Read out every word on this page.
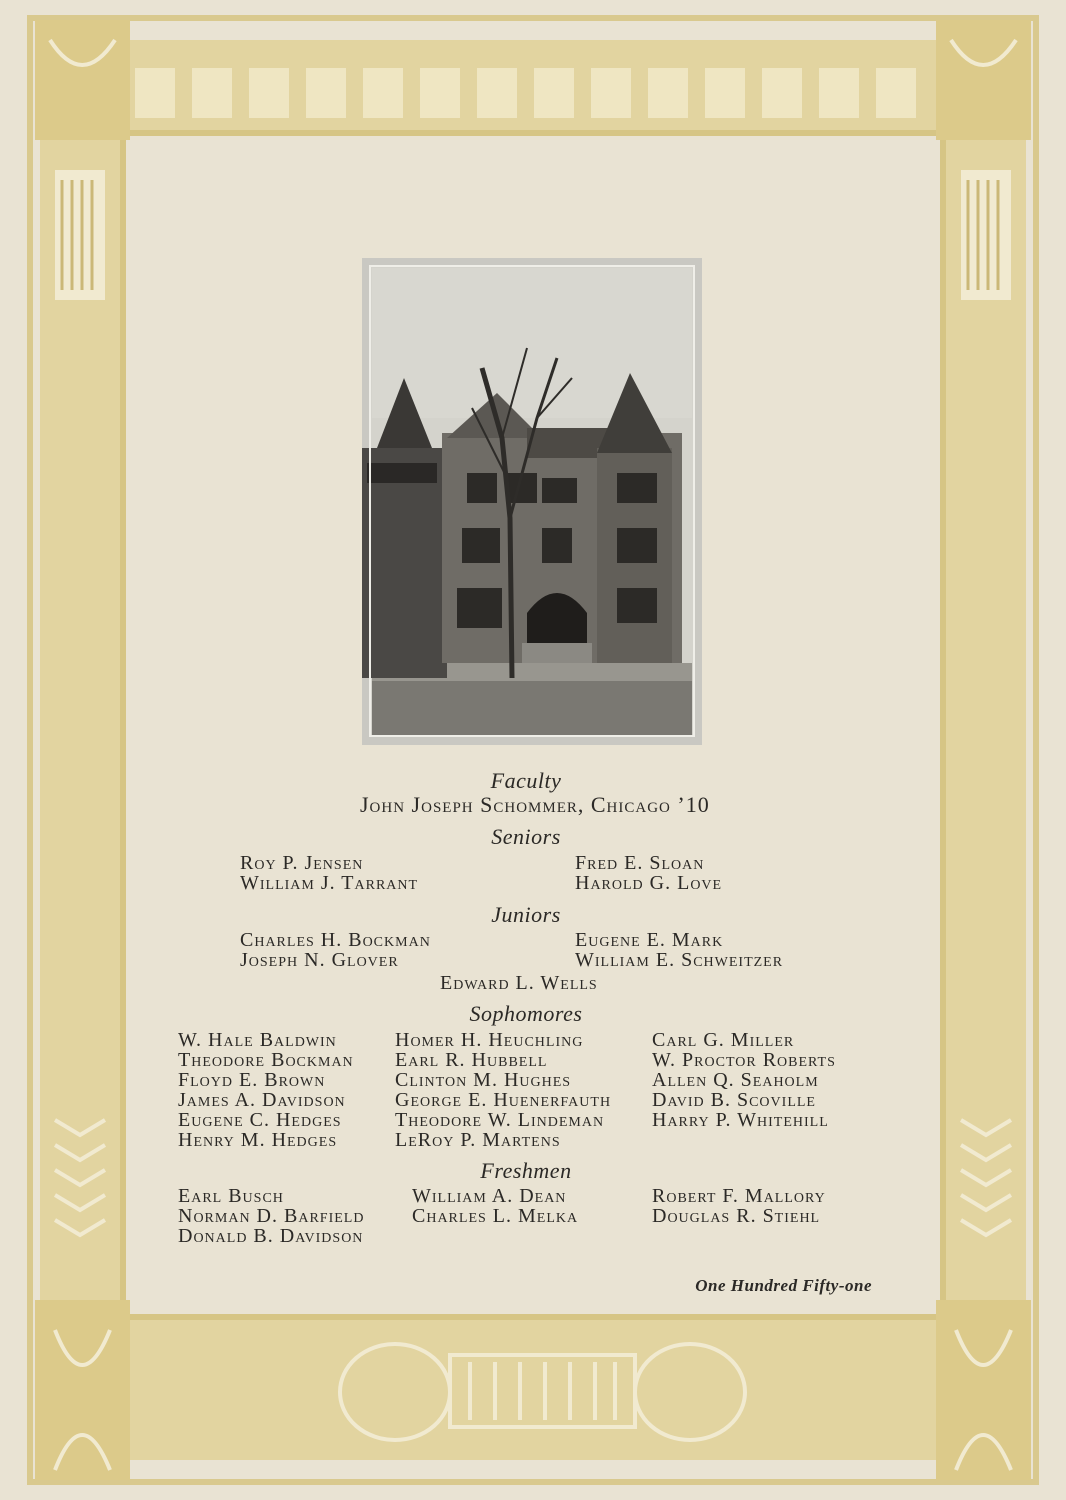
Faculty
John Joseph Schommer, Chicago ’10
Seniors
Roy P. Jensen
William J. Tarrant
Fred E. Sloan
Harold G. Love
Juniors
Charles H. Bockman
Joseph N. Glover
Eugene E. Mark
William E. Schweitzer
Edward L. Wells
Sophomores
W. Hale Baldwin
Theodore Bockman
Floyd E. Brown
James A. Davidson
Eugene C. Hedges
Henry M. Hedges
Homer H. Heuchling
Earl R. Hubbell
Clinton M. Hughes
George E. Huenerfauth
Theodore W. Lindeman
LeRoy P. Martens
Carl G. Miller
W. Proctor Roberts
Allen Q. Seaholm
David B. Scoville
Harry P. Whitehill
Freshmen
Earl Busch
Norman D. Barfield
Donald B. Davidson
William A. Dean
Charles L. Melka
Robert F. Mallory
Douglas R. Stiehl
One Hundred Fifty-one
